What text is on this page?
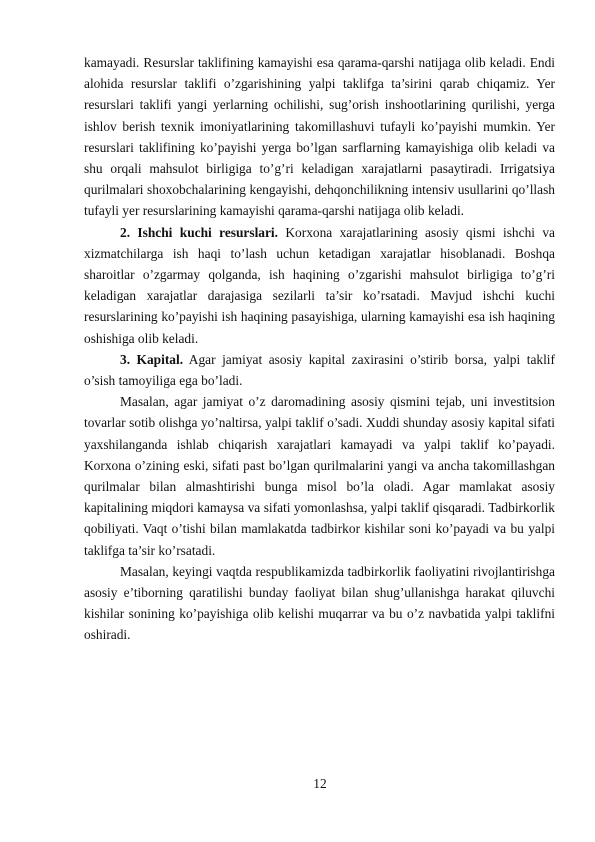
kamayadi. Resurslar taklifining kamayishi esa qarama-qarshi natijaga olib keladi. Endi alohida resurslar taklifi o’zgarishining yalpi taklifga ta’sirini qarab chiqamiz. Yer resurslari taklifi yangi yerlarning ochilishi, sug’orish inshootlarining qurilishi, yerga ishlov berish texnik imoniyatlarining takomillashuvi tufayli ko’payishi mumkin. Yer resurslari taklifining ko’payishi yerga bo’lgan sarflarning kamayishiga olib keladi va shu orqali mahsulot birligiga to’g’ri keladigan xarajatlarni pasaytiradi. Irrigatsiya qurilmalari shoxobchalarining kengayishi, dehqonchilikning intensiv usullarini qo’llash tufayli yer resurslarining kamayishi qarama-qarshi natijaga olib keladi.

2. Ishchi kuchi resurslari. Korxona xarajatlarining asosiy qismi ishchi va xizmatchilarga ish haqi to’lash uchun ketadigan xarajatlar hisoblanadi. Boshqa sharoitlar o’zgarmay qolganda, ish haqining o’zgarishi mahsulot birligiga to’g’ri keladigan xarajatlar darajasiga sezilarli ta’sir ko’rsatadi. Mavjud ishchi kuchi resurslarining ko’payishi ish haqining pasayishiga, ularning kamayishi esa ish haqining oshishiga olib keladi.

3. Kapital. Agar jamiyat asosiy kapital zaxirasini o’stirib borsa, yalpi taklif o’sish tamoyiliga ega bo’ladi.

Masalan, agar jamiyat o’z daromadining asosiy qismini tejab, uni investitsion tovarlar sotib olishga yo’naltirsa, yalpi taklif o’sadi. Xuddi shunday asosiy kapital sifati yaxshilanganda ishlab chiqarish xarajatlari kamayadi va yalpi taklif ko’payadi. Korxona o’zining eski, sifati past bo’lgan qurilmalarini yangi va ancha takomillashgan qurilmalar bilan almashtirishi bunga misol bo’la oladi. Agar mamlakat asosiy kapitalining miqdori kamaysa va sifati yomonlashsa, yalpi taklif qisqaradi. Tadbirkorlik qobiliyati. Vaqt o’tishi bilan mamlakatda tadbirkor kishilar soni ko’payadi va bu yalpi taklifga ta’sir ko’rsatadi.

Masalan, keyingi vaqtda respublikamizda tadbirkorlik faoliyatini rivojlantirishga asosiy e’tiborning qaratilishi bunday faoliyat bilan shug’ullanishga harakat qiluvchi kishilar sonining ko’payishiga olib kelishi muqarrar va bu o’z navbatida yalpi taklifni oshiradi.

12
